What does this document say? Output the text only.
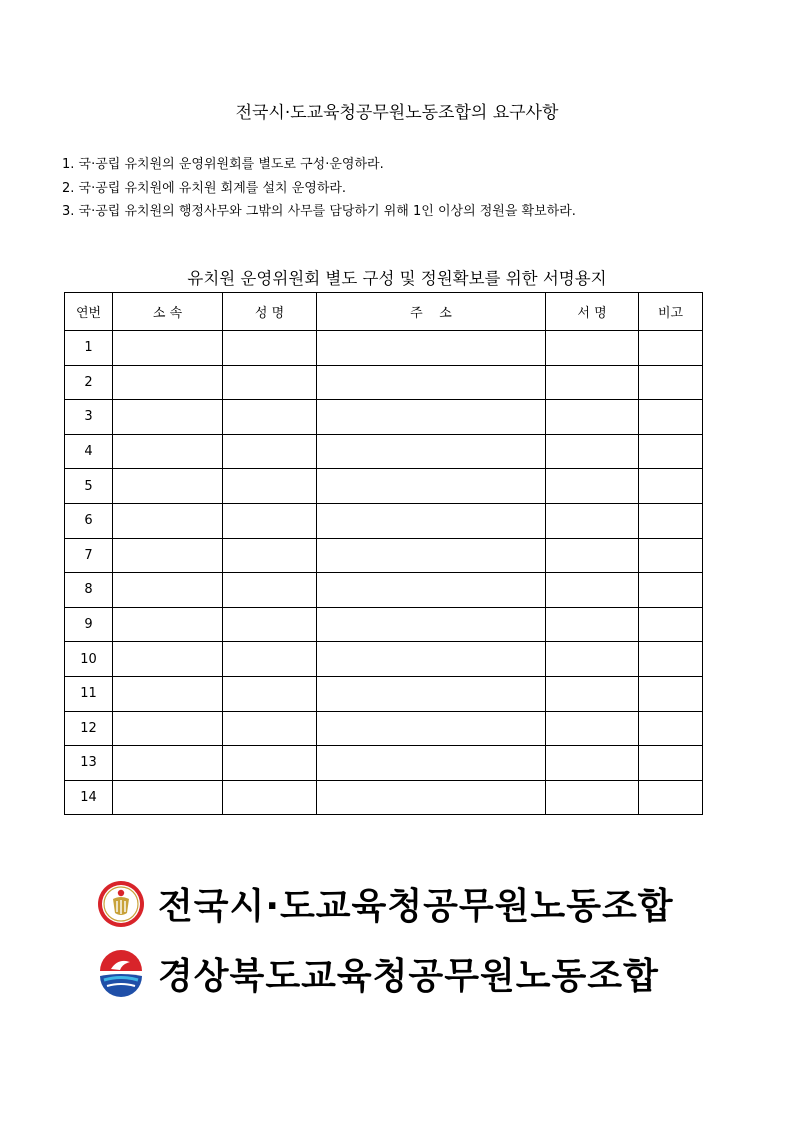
전국시·도교육청공무원노동조합의 요구사항
1. 국·공립 유치원의 운영위원회를 별도로 구성·운영하라.
2. 국·공립 유치원에 유치원 회계를 설치 운영하라.
3. 국·공립 유치원의 행정사무와 그밖의 사무를 담당하기 위해 1인 이상의 정원을 확보하라.
유치원 운영위원회 별도 구성 및 정원확보를 위한 서명용지
연번	소 속	성 명	주    소	서 명	비고
1					
2					
3					
4					
5					
6					
7					
8					
9					
10					
11					
12					
13					
14					
전국시·도교육청공무원노동조합
경상북도교육청공무원노동조합
